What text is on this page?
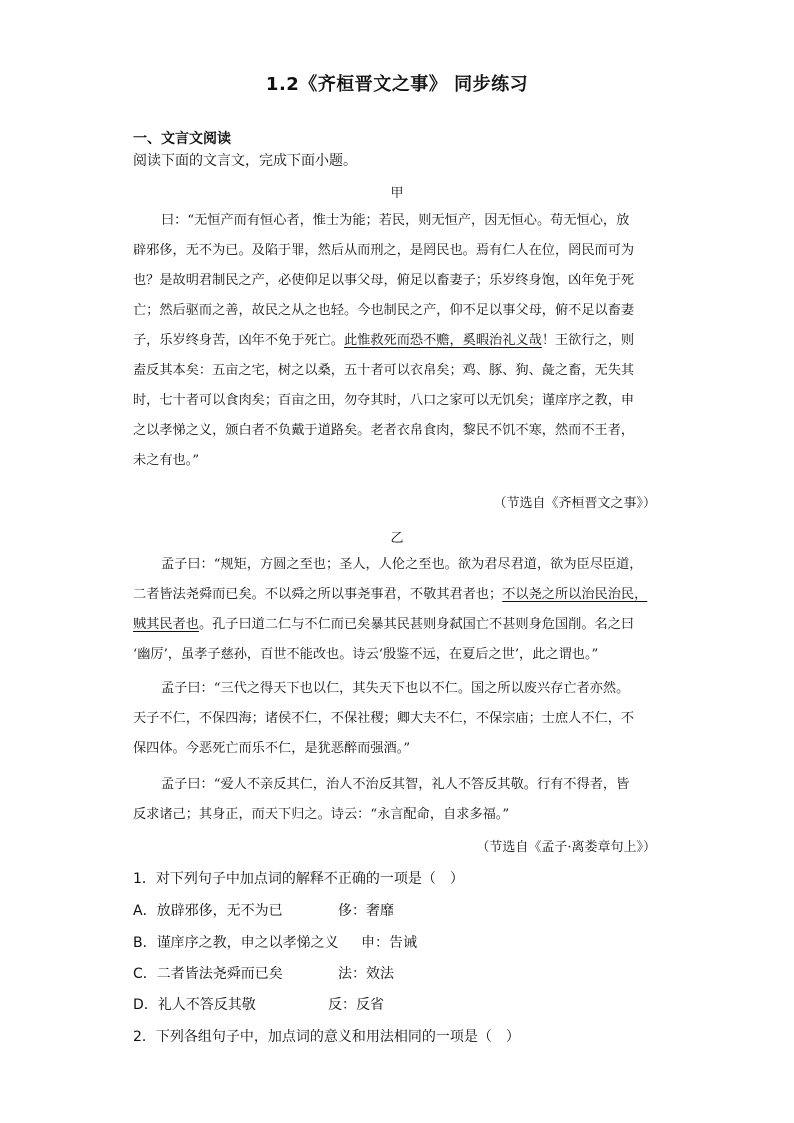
1.2《齐桓晋文之事》 同步练习
一、文言文阅读
阅读下面的文言文，完成下面小题。
甲
曰：“无恒产而有恒心者，惟士为能；若民，则无恒产，因无恒心。苟无恒心，放
辟邪侈，无不为已。及陷于罪，然后从而刑之，是罔民也。焉有仁人在位，罔民而可为
也？是故明君制民之产，必使仰足以事父母，俯足以畜妻子；乐岁终身饱，凶年免于死
亡；然后驱而之善，故民之从之也轻。今也制民之产，仰不足以事父母，俯不足以畜妻
子，乐岁终身苦，凶年不免于死亡。此惟救死而恐不赡，奚暇治礼义哉！王欲行之，则
盍反其本矣：五亩之宅，树之以桑，五十者可以衣帛矣；鸡、豚、狗、彘之畜，无失其
时，七十者可以食肉矣；百亩之田，勿夺其时，八口之家可以无饥矣；谨庠序之教，申
之以孝悌之义，颁白者不负戴于道路矣。老者衣帛食肉，黎民不饥不寒，然而不王者，
未之有也。”
（节选自《齐桓晋文之事》）
乙
孟子曰：“规矩，方圆之至也；圣人，人伦之至也。欲为君尽君道，欲为臣尽臣道，
二者皆法尧舜而已矣。不以舜之所以事尧事君，不敬其君者也；不以尧之所以治民治民，
贼其民者也。孔子曰道二仁与不仁而已矣暴其民甚则身弑国亡不甚则身危国削。名之曰
‘幽厉’，虽孝子慈孙，百世不能改也。诗云‘殷鉴不远，在夏后之世’，此之谓也。”
孟子曰：“三代之得天下也以仁，其失天下也以不仁。国之所以废兴存亡者亦然。
天子不仁，不保四海；诸侯不仁，不保社稷；卿大夫不仁，不保宗庙；士庶人不仁，不
保四体。今恶死亡而乐不仁，是犹恶醉而强酒。”
孟子曰：“爱人不亲反其仁，治人不治反其智，礼人不答反其敬。行有不得者，皆
反求诸己；其身正，而天下归之。诗云：“永言配命，自求多福。”
（节选自《孟子·离娄章句上》）
1．对下列句子中加点词的解释不正确的一项是（　）
A．放辟邪侈，无不为已	侈：奢靡
B．谨庠序之教，申之以孝悌之义 申：告诫
C．二者皆法尧舜而已矣	法：效法
D．礼人不答反其敬	反：反省
2．下列各组句子中，加点词的意义和用法相同的一项是（　）
